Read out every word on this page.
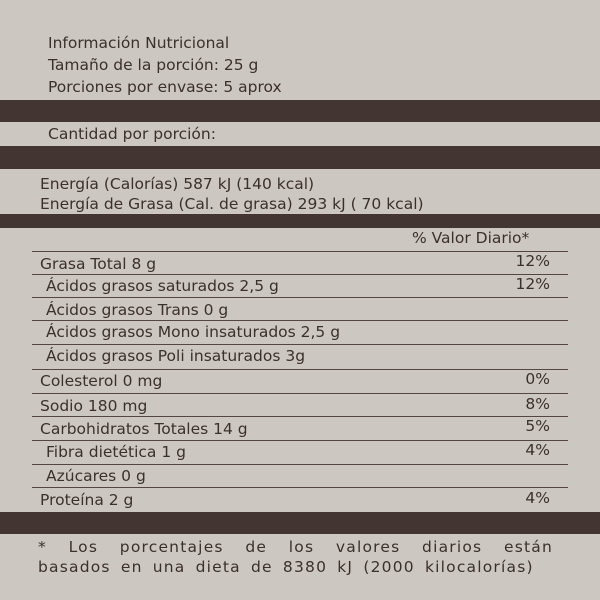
Información Nutricional
Tamaño de la porción: 25 g
Porciones por envase: 5 aprox
Cantidad por porción:
Energía (Calorías) 587 kJ (140 kcal)
Energía de Grasa (Cal. de grasa) 293 kJ ( 70 kcal)
% Valor Diario*
Grasa Total 8 g	12%
Ácidos grasos saturados 2,5 g	12%
Ácidos grasos Trans 0 g
Ácidos grasos Mono insaturados 2,5 g
Ácidos grasos Poli insaturados 3g
Colesterol 0 mg	0%
Sodio 180 mg	8%
Carbohidratos Totales 14 g	5%
Fibra dietética 1 g	4%
Azúcares 0 g
Proteína 2 g	4%
* Los porcentajes de los valores diarios están basados en una dieta de 8380 kJ (2000 kilocalorías)
